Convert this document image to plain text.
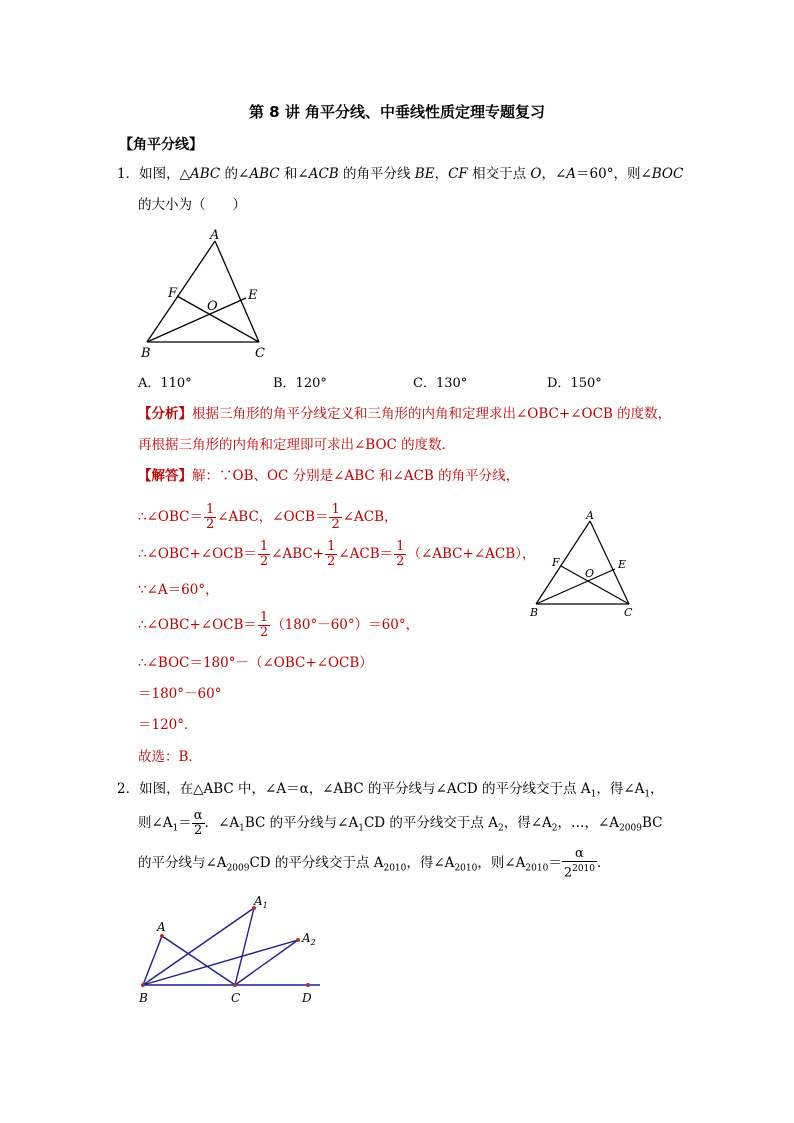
第 8 讲 角平分线、中垂线性质定理专题复习
【角平分线】
1．如图，△ABC 的∠ABC 和∠ACB 的角平分线 BE，CF 相交于点 O，∠A＝60°，则∠BOC
的大小为（　　）
A
B	C
E
F
O
A．110°	B．120°	C．130°	D．150°
【分析】根据三角形的角平分线定义和三角形的内角和定理求出∠OBC+∠OCB 的度数，
再根据三角形的内角和定理即可求出∠BOC 的度数．
【解答】解：∵OB、OC 分别是∠ABC 和∠ACB 的角平分线，
∴∠OBC＝ $\frac{1}{2}$ ∠ABC，∠OCB＝ $\frac{1}{2}$ ∠ACB，
∴∠OBC+∠OCB＝ $\frac{1}{2}$ ∠ABC+ $\frac{1}{2}$ ∠ACB＝ $\frac{1}{2}$ （∠ABC+∠ACB），
∵∠A＝60°，
∴∠OBC+∠OCB＝ $\frac{1}{2} (180^\circ-60^\circ)=60^\circ$，
∴∠BOC＝180°－（∠OBC+∠OCB）
＝180°－60°
＝120°．
故选：B．
A
B	C
E
F
O
2．如图，在△ABC 中，∠A＝α，∠ABC 的平分线与∠ACD 的平分线交于点 $A_1$，得$\angle A_1$，
则$\angle A_1= \frac{\alpha}{2}$ ．$\angle A_1BC$ 的平分线与$\angle A_1CD$ 的平分线交于点 $A_2$，得$\angle A_2$，…，$\angle A_{2009}BC$
的平分线与$\angle A_{2009}CD$ 的平分线交于点 $A_{2010}$，得$\angle A_{2010}$，则$\angle A_{2010}= \frac{\alpha}{2^{2010}}$ ．
A
$A_1$
$A_2$
B	C	D
